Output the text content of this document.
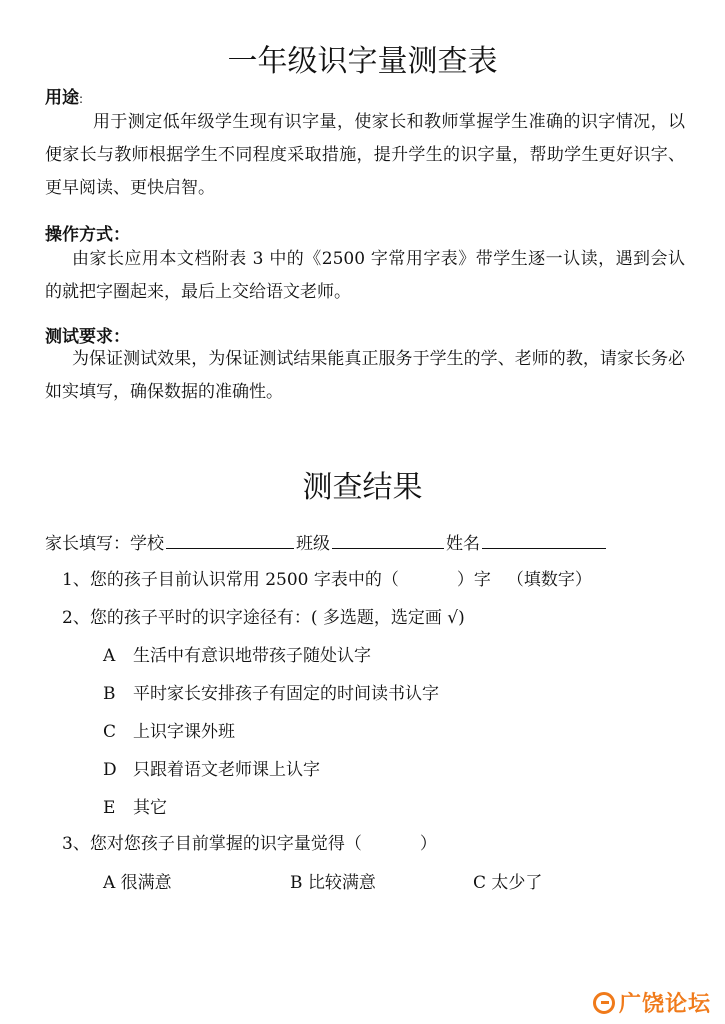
一年级识字量测查表
用途:
用于测定低年级学生现有识字量，使家长和教师掌握学生准确的识字情况，以便家长与教师根据学生不同程度采取措施，提升学生的识字量，帮助学生更好识字、更早阅读、更快启智。
操作方式：
由家长应用本文档附表 3 中的《2500 字常用字表》带学生逐一认读，遇到会认的就把字圈起来，最后上交给语文老师。
测试要求：
为保证测试效果，为保证测试结果能真正服务于学生的学、老师的教，请家长务必如实填写，确保数据的准确性。
测查结果
家长填写：学校	班级	姓名
1、您的孩子目前认识常用 2500 字表中的（	）字 （填数字）
2、您的孩子平时的识字途径有：( 多选题，选定画 √)
A 生活中有意识地带孩子随处认字
B 平时家长安排孩子有固定的时间读书认字
C 上识字课外班
D 只跟着语文老师课上认字
E 其它
3、您对您孩子目前掌握的识字量觉得（	）
A 很满意	B 比较满意	C 太少了
广饶论坛
